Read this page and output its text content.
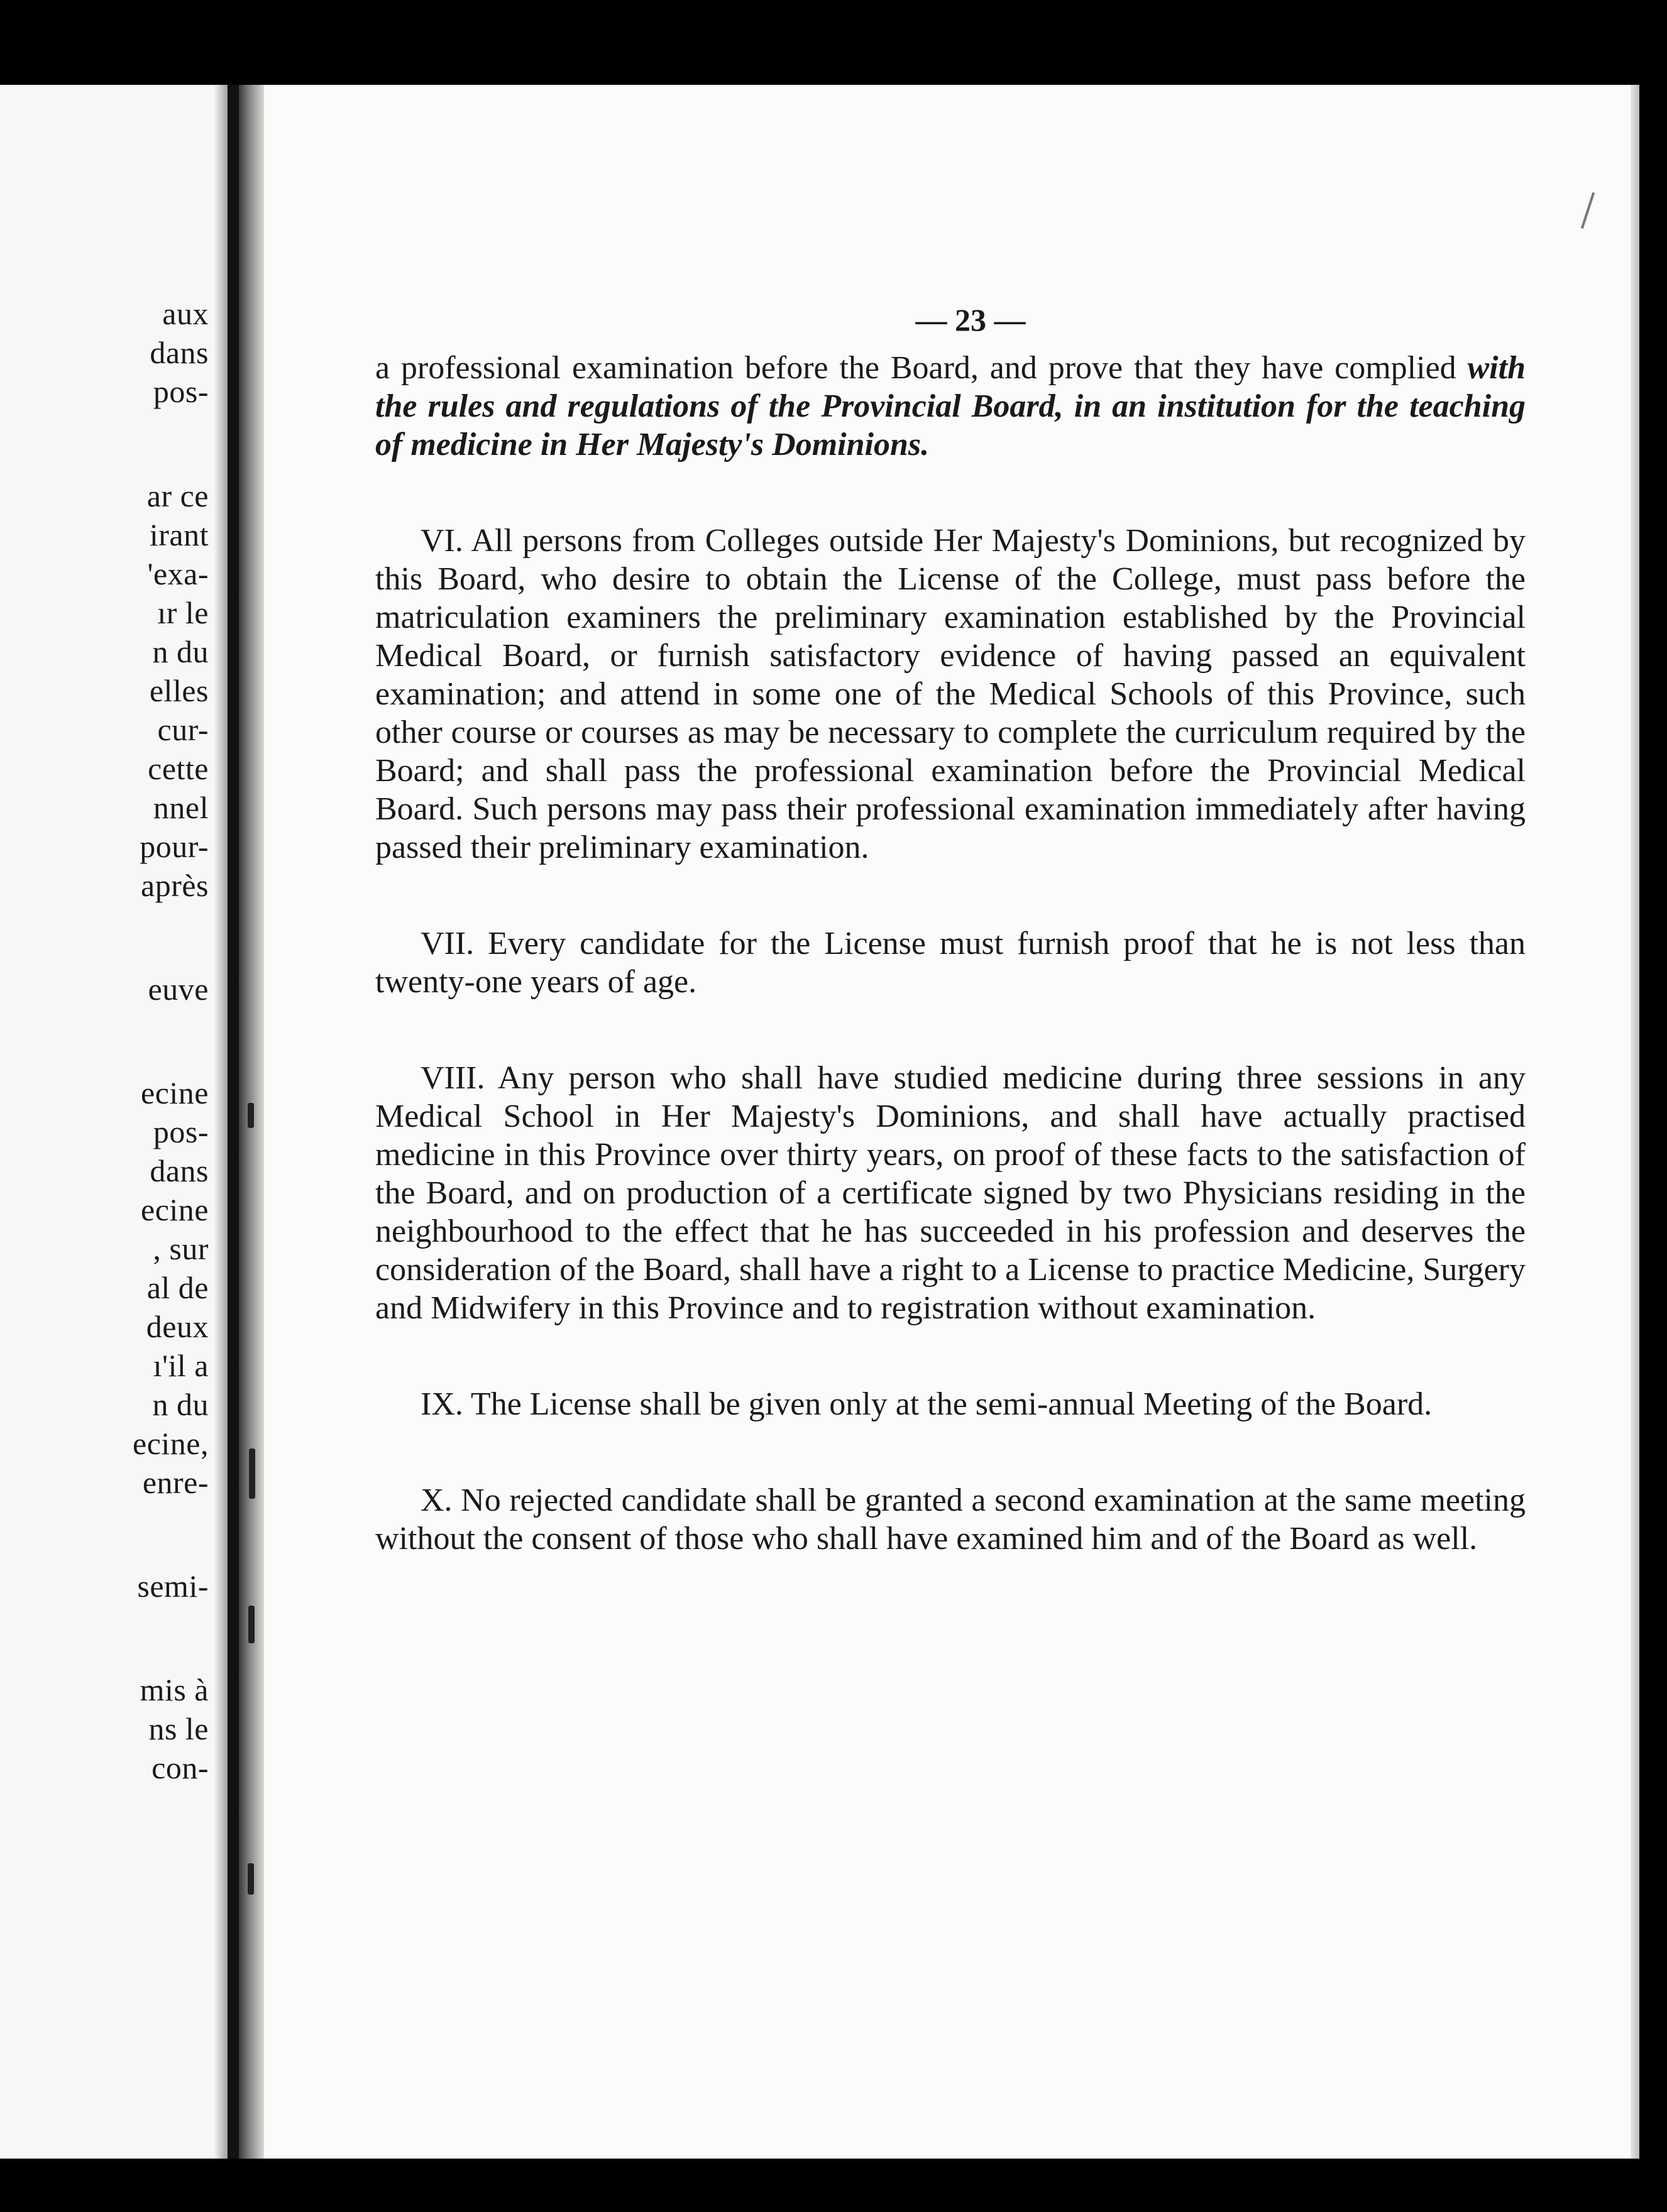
aux
dans
pos-
ar ce
irant
'exa-
ır le
n du
elles
cur-
cette
nnel
pour-
après
euve
ecine
pos-
dans
ecine
, sur
al de
deux
ı'il a
n du
ecine,
enre-
semi-
mis à
ns le
con-
— 23 —

a professional examination before the Board, and prove that they have complied with the rules and regulations of the Provincial Board, in an institution for the teaching of medicine in Her Majesty's Dominions.

VI. All persons from Colleges outside Her Majesty's Dominions, but recognized by this Board, who desire to obtain the License of the College, must pass before the matriculation examiners the preliminary examination established by the Provincial Medical Board, or furnish satisfactory evidence of having passed an equivalent examination; and attend in some one of the Medical Schools of this Province, such other course or courses as may be necessary to complete the curriculum required by the Board; and shall pass the professional examination before the Provincial Medical Board. Such persons may pass their professional examination immediately after having passed their preliminary examination.

VII. Every candidate for the License must furnish proof that he is not less than twenty-one years of age.

VIII. Any person who shall have studied medicine during three sessions in any Medical School in Her Majesty's Dominions, and shall have actually practised medicine in this Province over thirty years, on proof of these facts to the satisfaction of the Board, and on production of a certificate signed by two Physicians residing in the neighbourhood to the effect that he has succeeded in his profession and deserves the consideration of the Board, shall have a right to a License to practice Medicine, Surgery and Midwifery in this Province and to registration without examination.

IX. The License shall be given only at the semi-annual Meeting of the Board.

X. No rejected candidate shall be granted a second examination at the same meeting without the consent of those who shall have examined him and of the Board as well.
